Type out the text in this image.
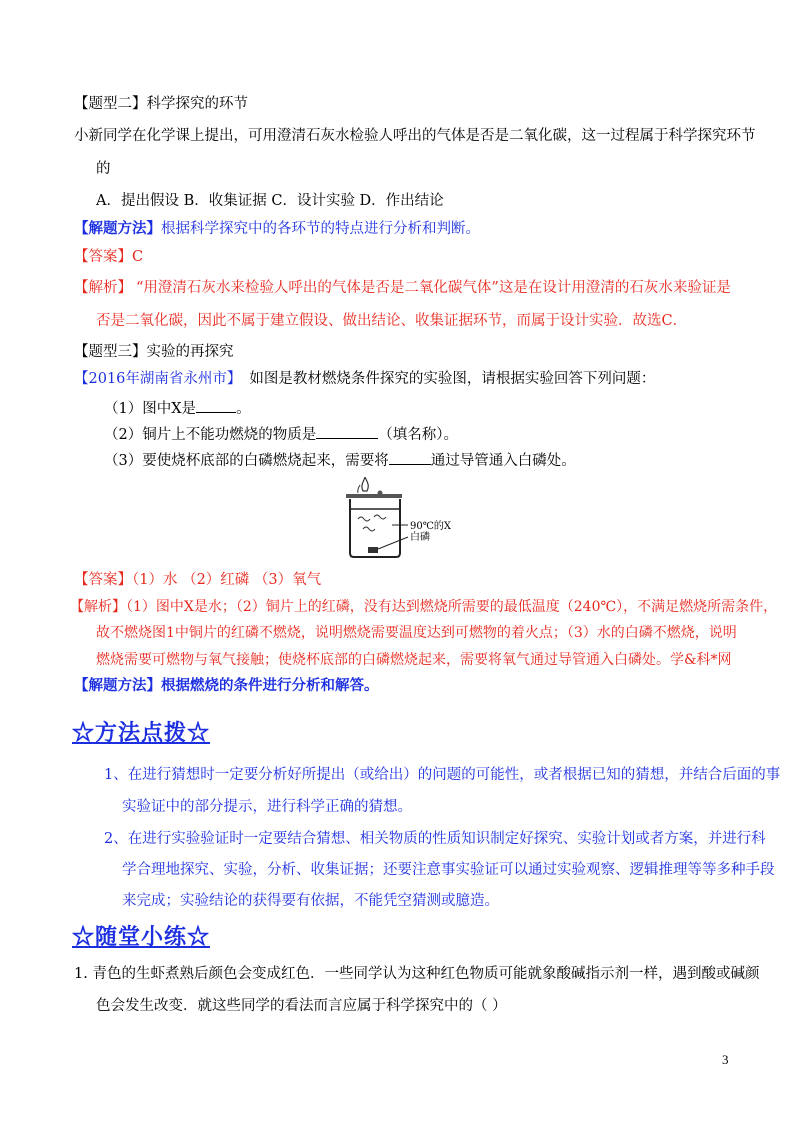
【题型二】科学探究的环节
小新同学在化学课上提出，可用澄清石灰水检验人呼出的气体是否是二氧化碳，这一过程属于科学探究环节
的
A．提出假设 B．收集证据 C．设计实验 D．作出结论
【解题方法】根据科学探究中的各环节的特点进行分析和判断。
【答案】C
【解析】 “用澄清石灰水来检验人呼出的气体是否是二氧化碳气体”这是在设计用澄清的石灰水来验证是
否是二氧化碳，因此不属于建立假设、做出结论、收集证据环节，而属于设计实验．故选C．
【题型三】实验的再探究
【2016年湖南省永州市】 如图是教材燃烧条件探究的实验图，请根据实验回答下列问题：
（1）图中X是	。
（2）铜片上不能功燃烧的物质是	（填名称）。
（3）要使烧杯底部的白磷燃烧起来，需要将	通过导管通入白磷处。
90℃的X
白磷
【答案】（1）水 （2）红磷 （3）氧气
【解析】（1）图中X是水；（2）铜片上的红磷，没有达到燃烧所需要的最低温度（240℃），不满足燃烧所需条件，
故不燃烧图1中铜片的红磷不燃烧，说明燃烧需要温度达到可燃物的着火点；（3）水的白磷不燃烧，说明
燃烧需要可燃物与氧气接触；使烧杯底部的白磷燃烧起来，需要将氧气通过导管通入白磷处。学&科*网
【解题方法】根据燃烧的条件进行分析和解答。
☆方法点拨☆
1、在进行猜想时一定要分析好所提出（或给出）的问题的可能性，或者根据已知的猜想，并结合后面的事
实验证中的部分提示，进行科学正确的猜想。
2、在进行实验验证时一定要结合猜想、相关物质的性质知识制定好探究、实验计划或者方案，并进行科
学合理地探究、实验，分析、收集证据；还要注意事实验证可以通过实验观察、逻辑推理等等多种手段
来完成；实验结论的获得要有依据，不能凭空猜测或臆造。
☆随堂小练☆
1. 青色的生虾煮熟后颜色会变成红色．一些同学认为这种红色物质可能就象酸碱指示剂一样，遇到酸或碱颜
色会发生改变．就这些同学的看法而言应属于科学探究中的（ ）
3
